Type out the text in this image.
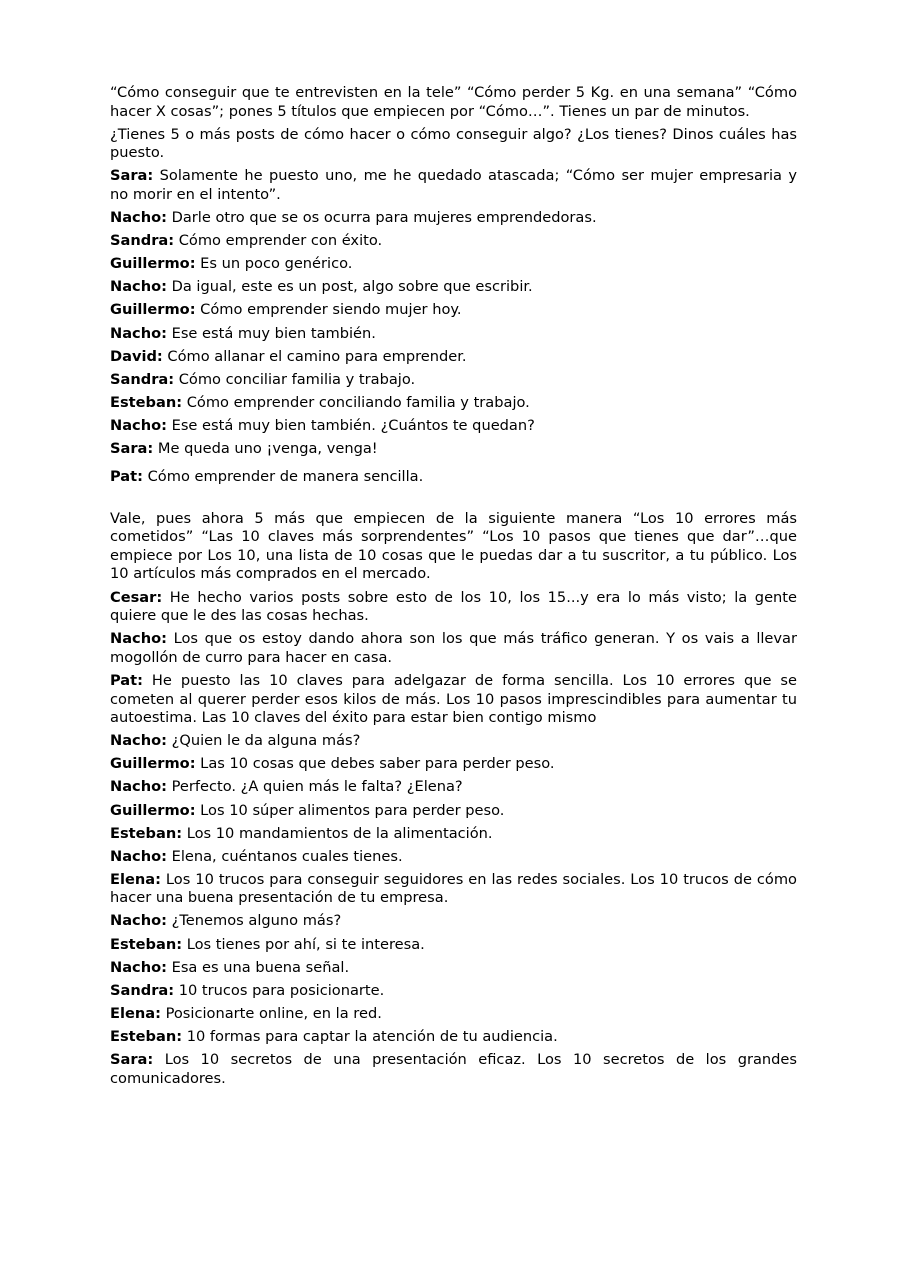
“Cómo conseguir que te entrevisten en la tele” “Cómo perder 5 Kg. en una semana” “Cómo hacer X cosas”; pones 5 títulos que empiecen por “Cómo…”. Tienes un par de minutos.

¿Tienes 5 o más posts de cómo hacer o cómo conseguir algo? ¿Los tienes? Dinos cuáles has puesto.

Sara: Solamente he puesto uno, me he quedado atascada; “Cómo ser mujer empresaria y no morir en el intento”.

Nacho: Darle otro que se os ocurra para mujeres emprendedoras.

Sandra: Cómo emprender con éxito.

Guillermo: Es un poco genérico.

Nacho: Da igual, este es un post, algo sobre que escribir.

Guillermo: Cómo emprender siendo mujer hoy.

Nacho: Ese está muy bien también.

David: Cómo allanar el camino para emprender.

Sandra: Cómo conciliar familia y trabajo.

Esteban: Cómo emprender conciliando familia y trabajo.

Nacho: Ese está muy bien también. ¿Cuántos te quedan?

Sara: Me queda uno ¡venga, venga!

Pat: Cómo emprender de manera sencilla.

Vale, pues ahora 5 más que empiecen de la siguiente manera “Los 10 errores más cometidos” “Las 10 claves más sorprendentes” “Los 10 pasos que tienes que dar”…que empiece por Los 10, una lista de 10 cosas que le puedas dar a tu suscritor, a tu público. Los 10 artículos más comprados en el mercado.

Cesar: He hecho varios posts sobre esto de los 10, los 15...y era lo más visto; la gente quiere que le des las cosas hechas.

Nacho: Los que os estoy dando ahora son los que más tráfico generan. Y os vais a llevar mogollón de curro para hacer en casa.

Pat: He puesto las 10 claves para adelgazar de forma sencilla. Los 10 errores que se cometen al querer perder esos kilos de más. Los 10 pasos imprescindibles para aumentar tu autoestima. Las 10 claves del éxito para estar bien contigo mismo

Nacho: ¿Quien le da alguna más?

Guillermo: Las 10 cosas que debes saber para perder peso.

Nacho: Perfecto. ¿A quien más le falta? ¿Elena?

Guillermo: Los 10 súper alimentos para perder peso.

Esteban: Los 10 mandamientos de la alimentación.

Nacho: Elena, cuéntanos cuales tienes.

Elena: Los 10 trucos para conseguir seguidores en las redes sociales. Los 10 trucos de cómo hacer una buena presentación de tu empresa.

Nacho: ¿Tenemos alguno más?

Esteban: Los tienes por ahí, si te interesa.

Nacho: Esa es una buena señal.

Sandra: 10 trucos para posicionarte.

Elena: Posicionarte online, en la red.

Esteban: 10 formas para captar la atención de tu audiencia.

Sara: Los 10 secretos de una presentación eficaz. Los 10 secretos de los grandes comunicadores.
